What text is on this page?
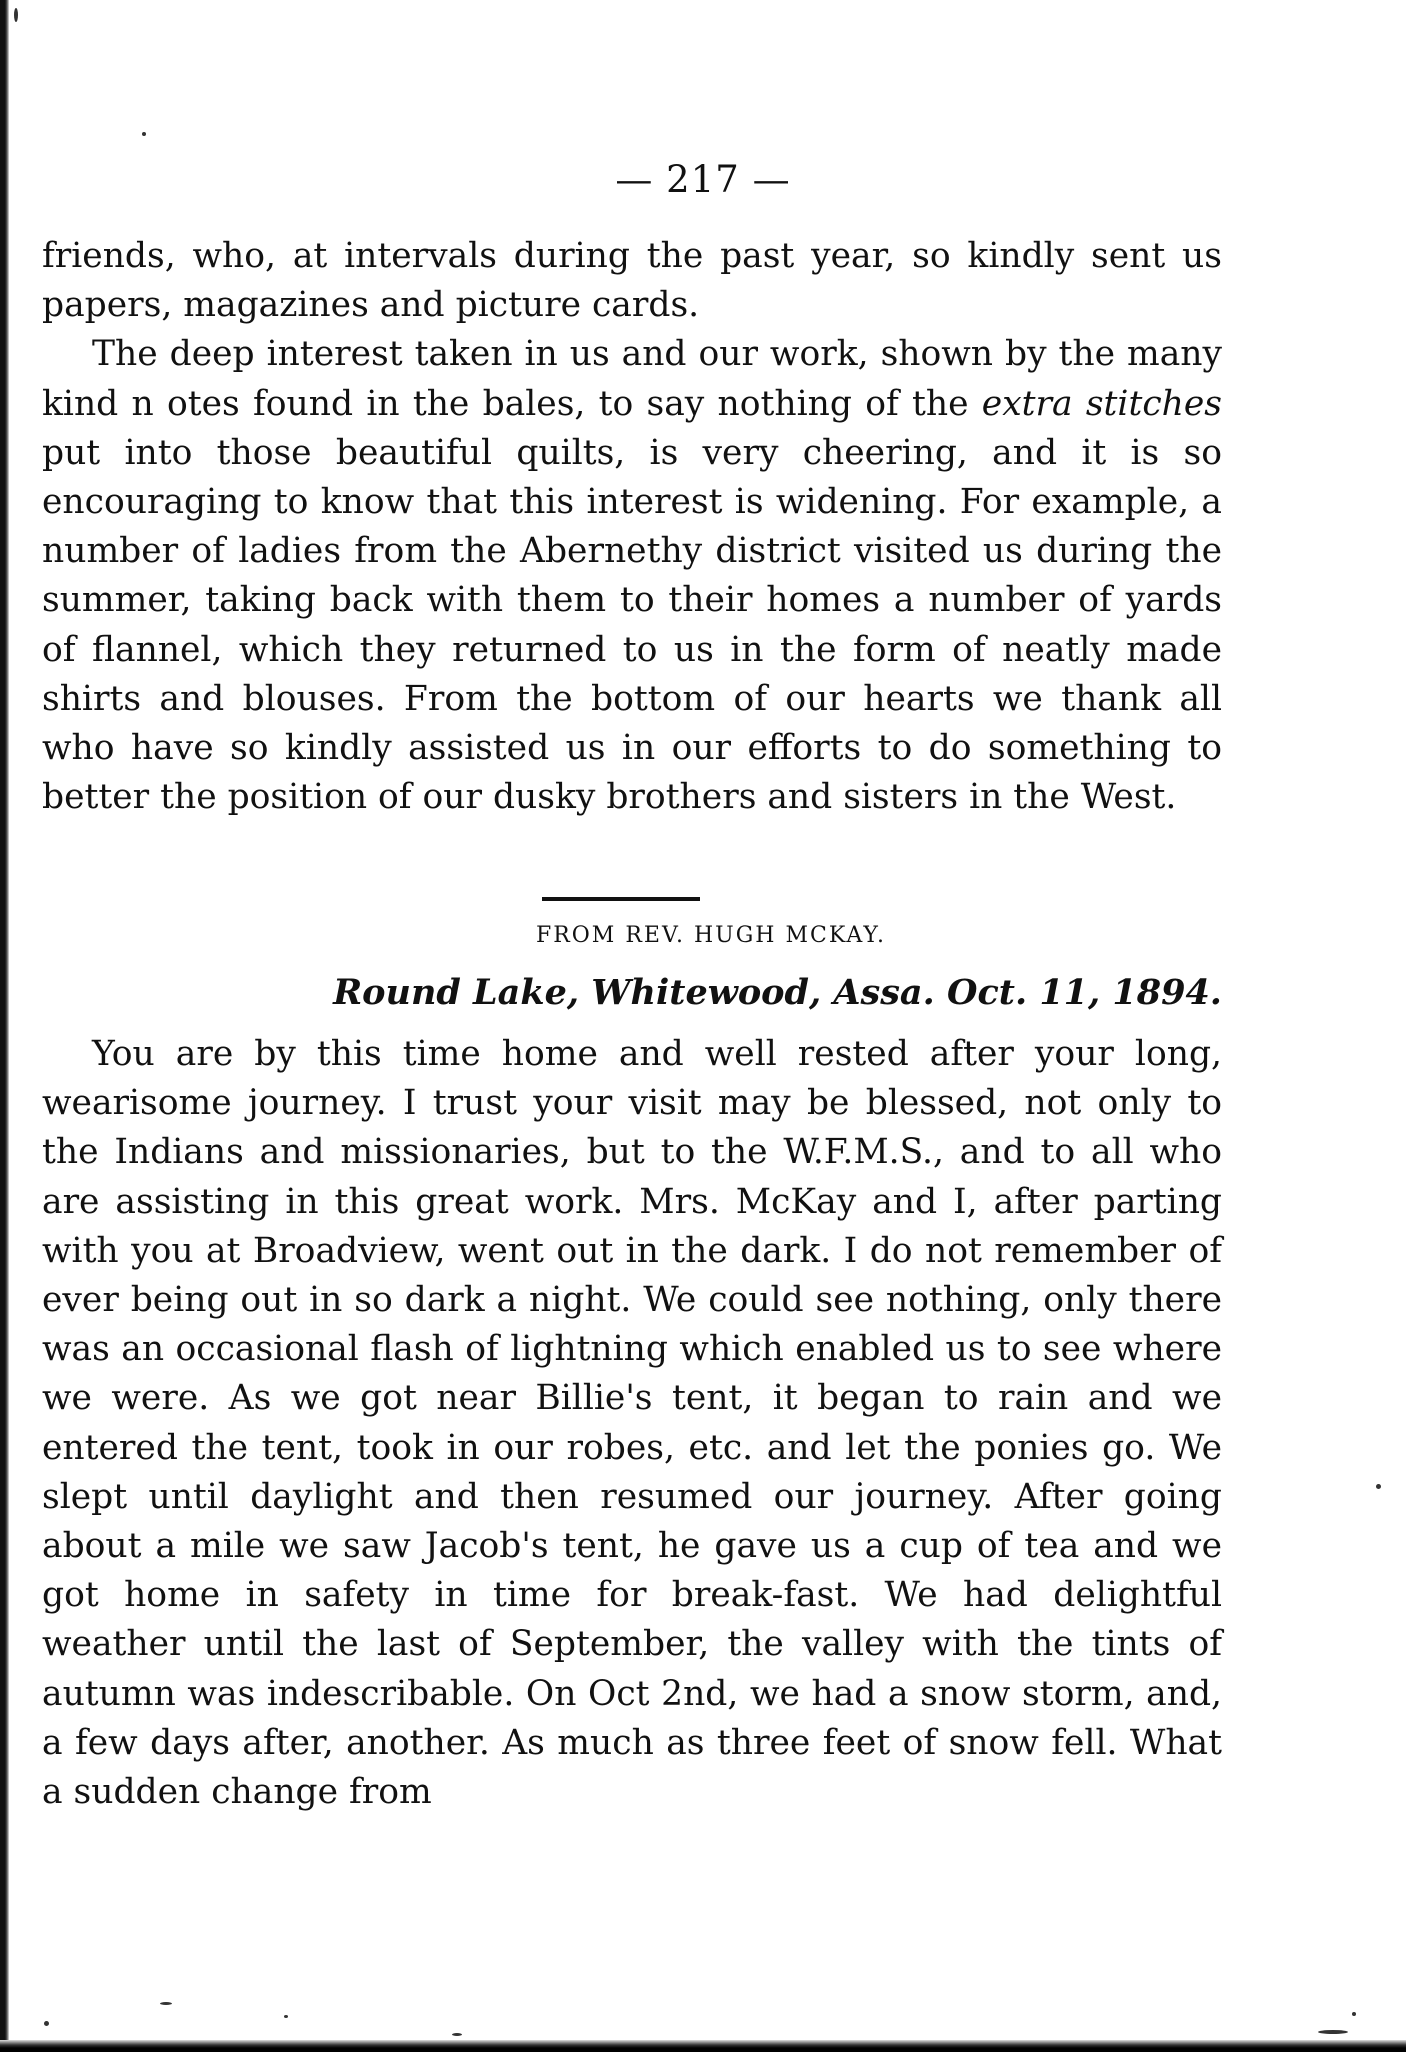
— 217 —

friends, who, at intervals during the past year, so kindly sent us papers, magazines and picture cards.

The deep interest taken in us and our work, shown by the many kind n otes found in the bales, to say nothing of the extra stitches put into those beautiful quilts, is very cheering, and it is so encouraging to know that this interest is widening. For example, a number of ladies from the Abernethy district visited us during the summer, taking back with them to their homes a number of yards of flannel, which they returned to us in the form of neatly made shirts and blouses. From the bottom of our hearts we thank all who have so kindly assisted us in our efforts to do something to better the position of our dusky brothers and sisters in the West.

FROM REV. HUGH MCKAY.
Round Lake, Whitewood, Assa. Oct. 11, 1894.

You are by this time home and well rested after your long, wearisome journey. I trust your visit may be blessed, not only to the Indians and missionaries, but to the W.F.M.S., and to all who are assisting in this great work. Mrs. McKay and I, after parting with you at Broadview, went out in the dark. I do not remember of ever being out in so dark a night. We could see nothing, only there was an occasional flash of lightning which enabled us to see where we were. As we got near Billie's tent, it began to rain and we entered the tent, took in our robes, etc. and let the ponies go. We slept until daylight and then resumed our journey. After going about a mile we saw Jacob's tent, he gave us a cup of tea and we got home in safety in time for break-fast. We had delightful weather until the last of September, the valley with the tints of autumn was indescribable. On Oct 2nd, we had a snow storm, and, a few days after, another. As much as three feet of snow fell. What a sudden change from
